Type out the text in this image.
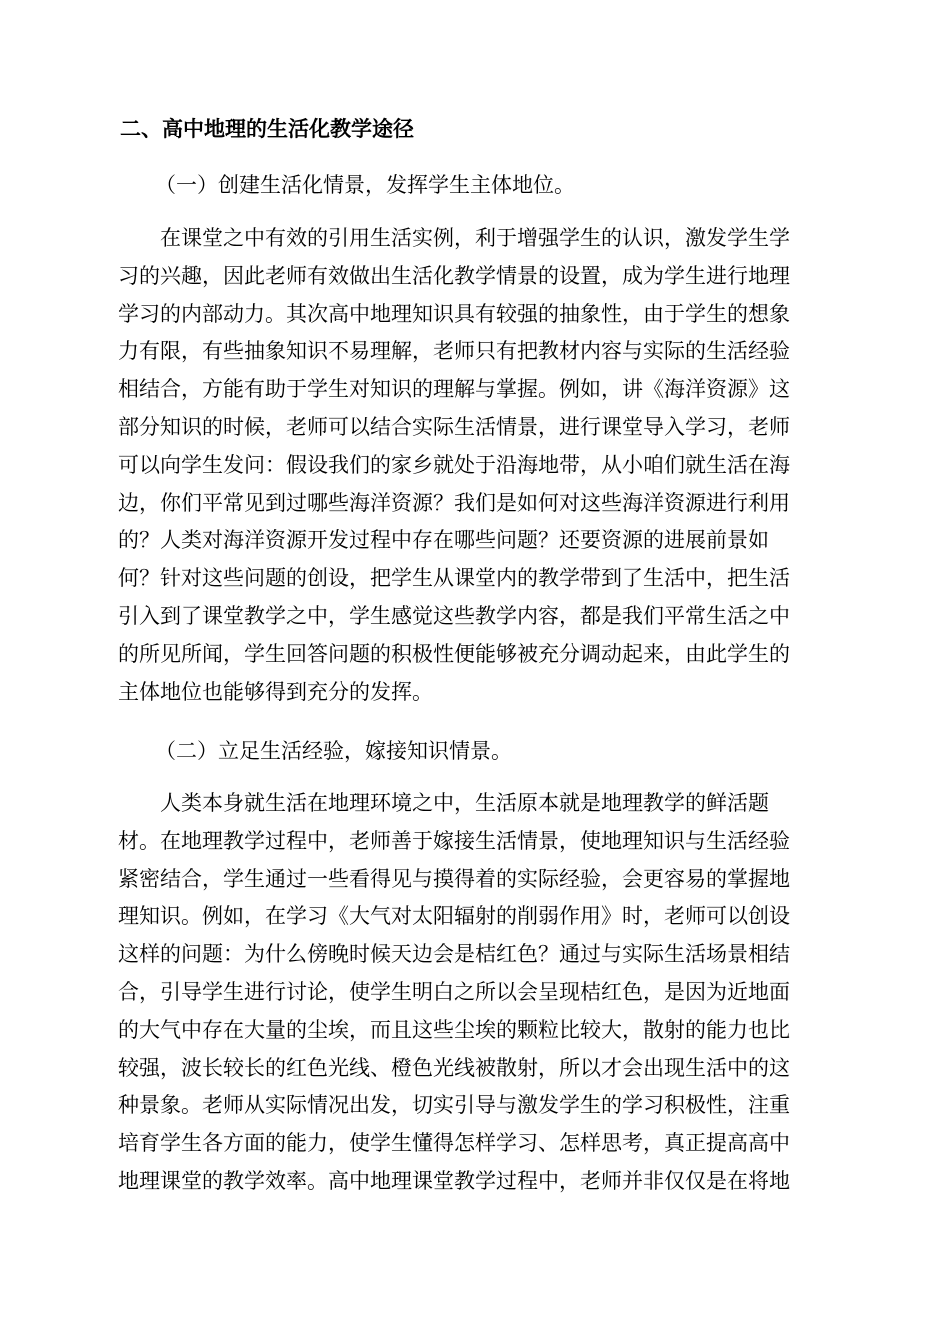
二、高中地理的生活化教学途径
（一）创建生活化情景，发挥学生主体地位。
在课堂之中有效的引用生活实例，利于增强学生的认识，激发学生学
习的兴趣，因此老师有效做出生活化教学情景的设置，成为学生进行地理
学习的内部动力。其次高中地理知识具有较强的抽象性，由于学生的想象
力有限，有些抽象知识不易理解，老师只有把教材内容与实际的生活经验
相结合，方能有助于学生对知识的理解与掌握。例如，讲《海洋资源》这
部分知识的时候，老师可以结合实际生活情景，进行课堂导入学习，老师
可以向学生发问：假设我们的家乡就处于沿海地带，从小咱们就生活在海
边，你们平常见到过哪些海洋资源？我们是如何对这些海洋资源进行利用
的？人类对海洋资源开发过程中存在哪些问题？还要资源的进展前景如
何？针对这些问题的创设，把学生从课堂内的教学带到了生活中，把生活
引入到了课堂教学之中，学生感觉这些教学内容，都是我们平常生活之中
的所见所闻，学生回答问题的积极性便能够被充分调动起来，由此学生的
主体地位也能够得到充分的发挥。
（二）立足生活经验，嫁接知识情景。
人类本身就生活在地理环境之中，生活原本就是地理教学的鲜活题
材。在地理教学过程中，老师善于嫁接生活情景，使地理知识与生活经验
紧密结合，学生通过一些看得见与摸得着的实际经验，会更容易的掌握地
理知识。例如，在学习《大气对太阳辐射的削弱作用》时，老师可以创设
这样的问题：为什么傍晚时候天边会是桔红色？通过与实际生活场景相结
合，引导学生进行讨论，使学生明白之所以会呈现桔红色，是因为近地面
的大气中存在大量的尘埃，而且这些尘埃的颗粒比较大，散射的能力也比
较强，波长较长的红色光线、橙色光线被散射，所以才会出现生活中的这
种景象。老师从实际情况出发，切实引导与激发学生的学习积极性，注重
培育学生各方面的能力，使学生懂得怎样学习、怎样思考，真正提高高中
地理课堂的教学效率。高中地理课堂教学过程中，老师并非仅仅是在将地
